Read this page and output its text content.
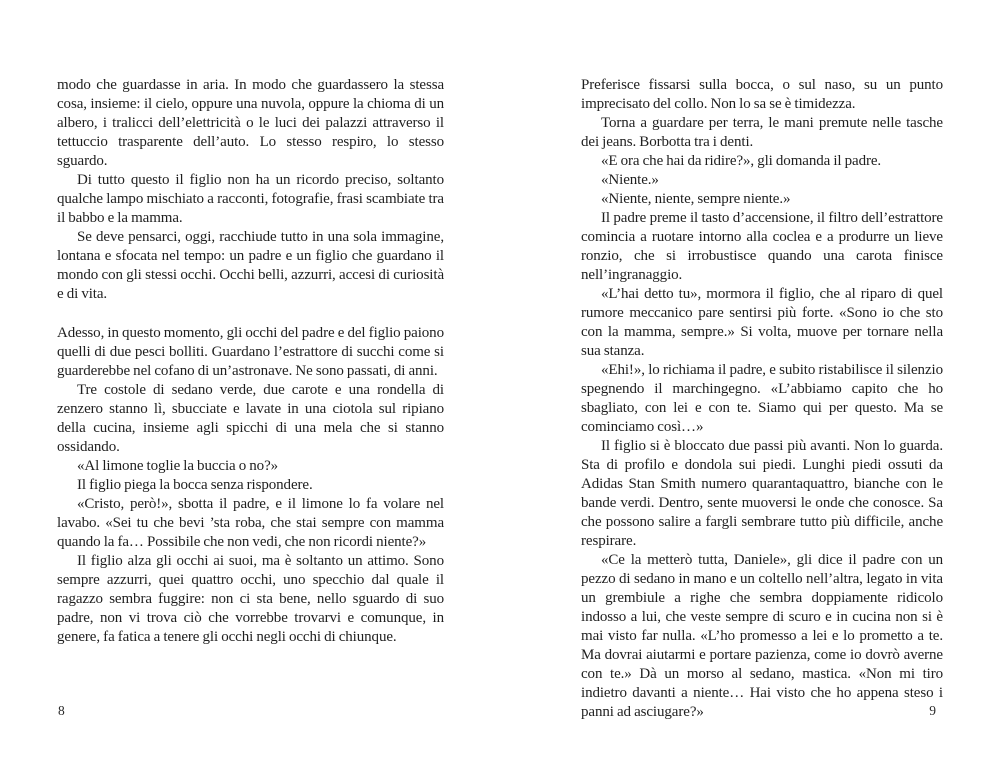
modo che guardasse in aria. In modo che guardassero la stessa cosa, insieme: il cielo, oppure una nuvola, oppure la chioma di un albero, i tralicci dell’elettricità o le luci dei palazzi attraverso il tettuccio trasparente dell’auto. Lo stesso respiro, lo stesso sguardo.

Di tutto questo il figlio non ha un ricordo preciso, soltanto qualche lampo mischiato a racconti, fotografie, frasi scambiate tra il babbo e la mamma.

Se deve pensarci, oggi, racchiude tutto in una sola immagine, lontana e sfocata nel tempo: un padre e un figlio che guardano il mondo con gli stessi occhi. Occhi belli, azzurri, accesi di curiosità e di vita.

Adesso, in questo momento, gli occhi del padre e del figlio paiono quelli di due pesci bolliti. Guardano l’estrattore di succhi come si guarderebbe nel cofano di un’astronave. Ne sono passati, di anni.

Tre costole di sedano verde, due carote e una rondella di zenzero stanno lì, sbucciate e lavate in una ciotola sul ripiano della cucina, insieme agli spicchi di una mela che si stanno ossidando.

«Al limone toglie la buccia o no?»

Il figlio piega la bocca senza rispondere.

«Cristo, però!», sbotta il padre, e il limone lo fa volare nel lavabo. «Sei tu che bevi ’sta roba, che stai sempre con mamma quando la fa… Possibile che non vedi, che non ricordi niente?»

Il figlio alza gli occhi ai suoi, ma è soltanto un attimo. Sono sempre azzurri, quei quattro occhi, uno specchio dal quale il ragazzo sembra fuggire: non ci sta bene, nello sguardo di suo padre, non vi trova ciò che vorrebbe trovarvi e comunque, in genere, fa fatica a tenere gli occhi negli occhi di chiunque.

8

Preferisce fissarsi sulla bocca, o sul naso, su un punto imprecisato del collo. Non lo sa se è timidezza.

Torna a guardare per terra, le mani premute nelle tasche dei jeans. Borbotta tra i denti.

«E ora che hai da ridire?», gli domanda il padre.

«Niente.»

«Niente, niente, sempre niente.»

Il padre preme il tasto d’accensione, il filtro dell’estrattore comincia a ruotare intorno alla coclea e a produrre un lieve ronzio, che si irrobustisce quando una carota finisce nell’ingranaggio.

«L’hai detto tu», mormora il figlio, che al riparo di quel rumore meccanico pare sentirsi più forte. «Sono io che sto con la mamma, sempre.» Si volta, muove per tornare nella sua stanza.

«Ehi!», lo richiama il padre, e subito ristabilisce il silenzio spegnendo il marchingegno. «L’abbiamo capito che ho sbagliato, con lei e con te. Siamo qui per questo. Ma se cominciamo così…»

Il figlio si è bloccato due passi più avanti. Non lo guarda. Sta di profilo e dondola sui piedi. Lunghi piedi ossuti da Adidas Stan Smith numero quarantaquattro, bianche con le bande verdi. Dentro, sente muoversi le onde che conosce. Sa che possono salire a fargli sembrare tutto più difficile, anche respirare.

«Ce la metterò tutta, Daniele», gli dice il padre con un pezzo di sedano in mano e un coltello nell’altra, legato in vita un grembiule a righe che sembra doppiamente ridicolo indosso a lui, che veste sempre di scuro e in cucina non si è mai visto far nulla. «L’ho promesso a lei e lo prometto a te. Ma dovrai aiutarmi e portare pazienza, come io dovrò averne con te.» Dà un morso al sedano, mastica. «Non mi tiro indietro davanti a niente… Hai visto che ho appena steso i panni ad asciugare?»	9
